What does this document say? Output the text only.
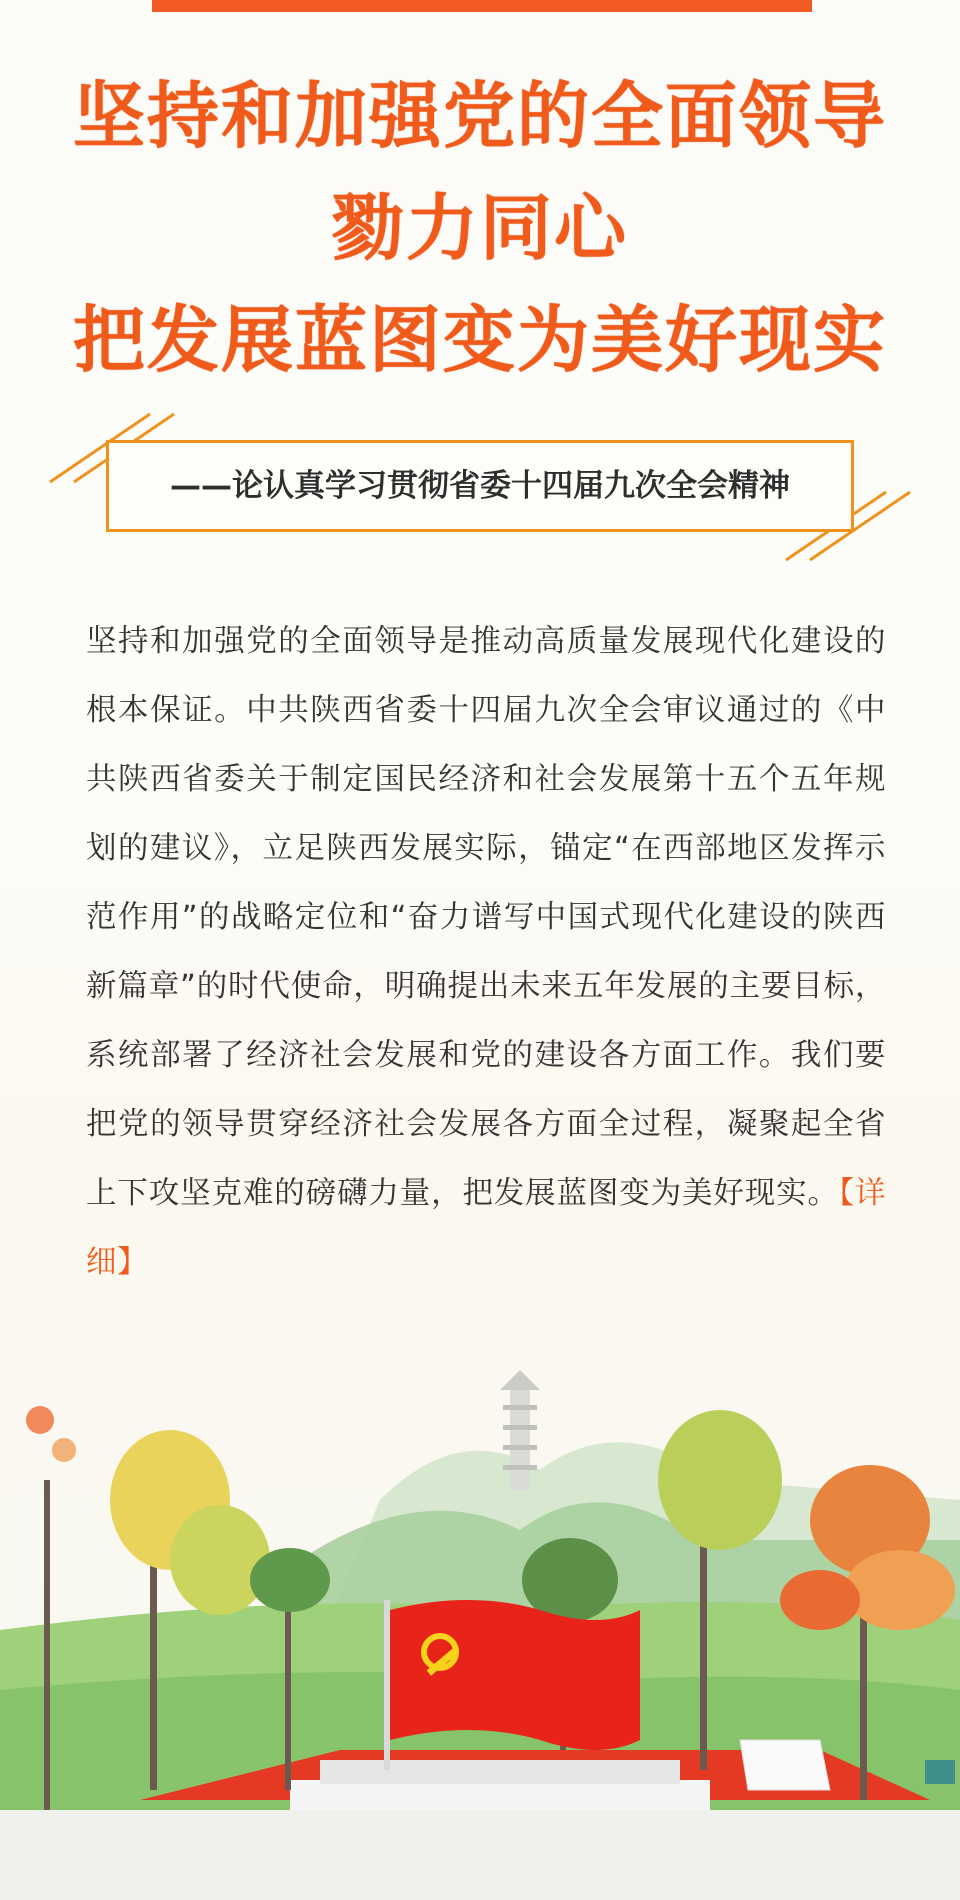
坚持和加强党的全面领导
勠力同心
把发展蓝图变为美好现实
——论认真学习贯彻省委十四届九次全会精神
坚持和加强党的全面领导是推动高质量发展现代化建设的根本保证。中共陕西省委十四届九次全会审议通过的《中共陕西省委关于制定国民经济和社会发展第十五个五年规划的建议》，立足陕西发展实际，锚定“在西部地区发挥示范作用”的战略定位和“奋力谱写中国式现代化建设的陕西新篇章”的时代使命，明确提出未来五年发展的主要目标，系统部署了经济社会发展和党的建设各方面工作。我们要把党的领导贯穿经济社会发展各方面全过程，凝聚起全省上下攻坚克难的磅礴力量，把发展蓝图变为美好现实。【详细】
